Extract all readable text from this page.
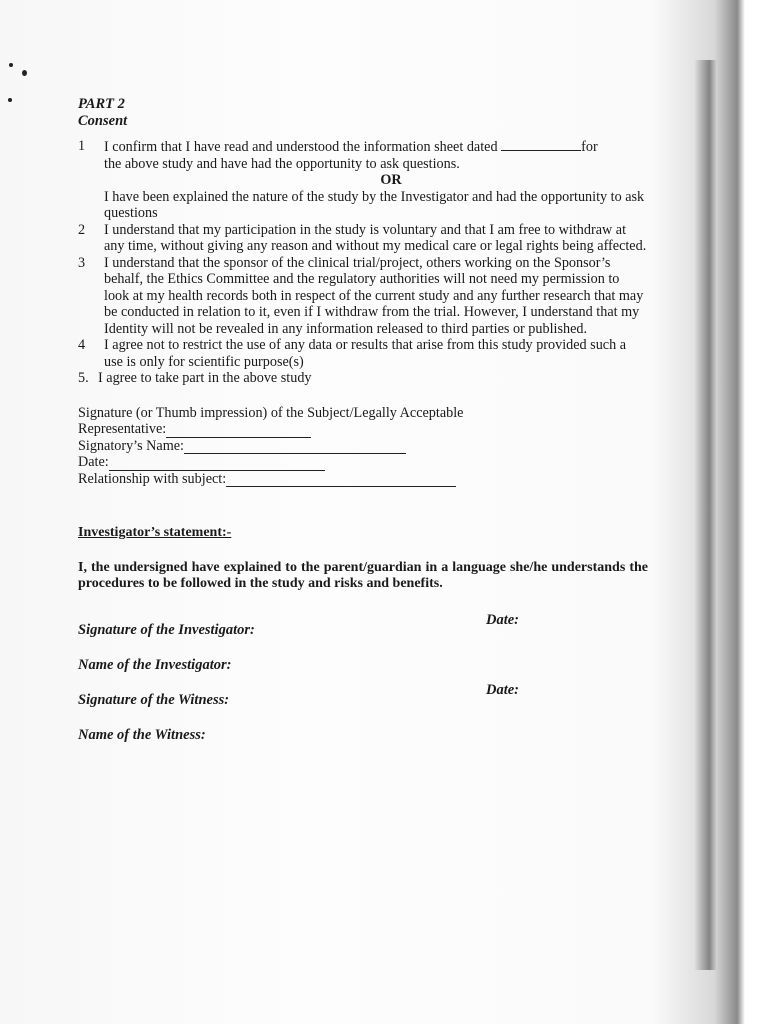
PART 2

Consent

1	I confirm that I have read and understood the information sheet dated	for
the above study and have had the opportunity to ask questions.

OR

I have been explained the nature of the study by the Investigator and had the opportunity to ask questions
2	I understand that my participation in the study is voluntary and that I am free to withdraw at any time, without giving any reason and without my medical care or legal rights being affected.
3	I understand that the sponsor of the clinical trial/project, others working on the Sponsor’s behalf, the Ethics Committee and the regulatory authorities will not need my permission to look at my health records both in respect of the current study and any further research that may be conducted in relation to it, even if I withdraw from the trial. However, I understand that my Identity will not be revealed in any information released to third parties or published.
4	I agree not to restrict the use of any data or results that arise from this study provided such a use is only for scientific purpose(s)
5. I agree to take part in the above study
Signature (or Thumb impression) of the Subject/Legally Acceptable
Representative:
Signatory’s Name:
Date:
Relationship with subject:
Investigator’s statement:-
I, the undersigned have explained to the parent/guardian in a language she/he understands the procedures to be followed in the study and risks and benefits.
Signature of the Investigator:
Date:
Name of the Investigator:
Signature of the Witness:
Date:
Name of the Witness:
